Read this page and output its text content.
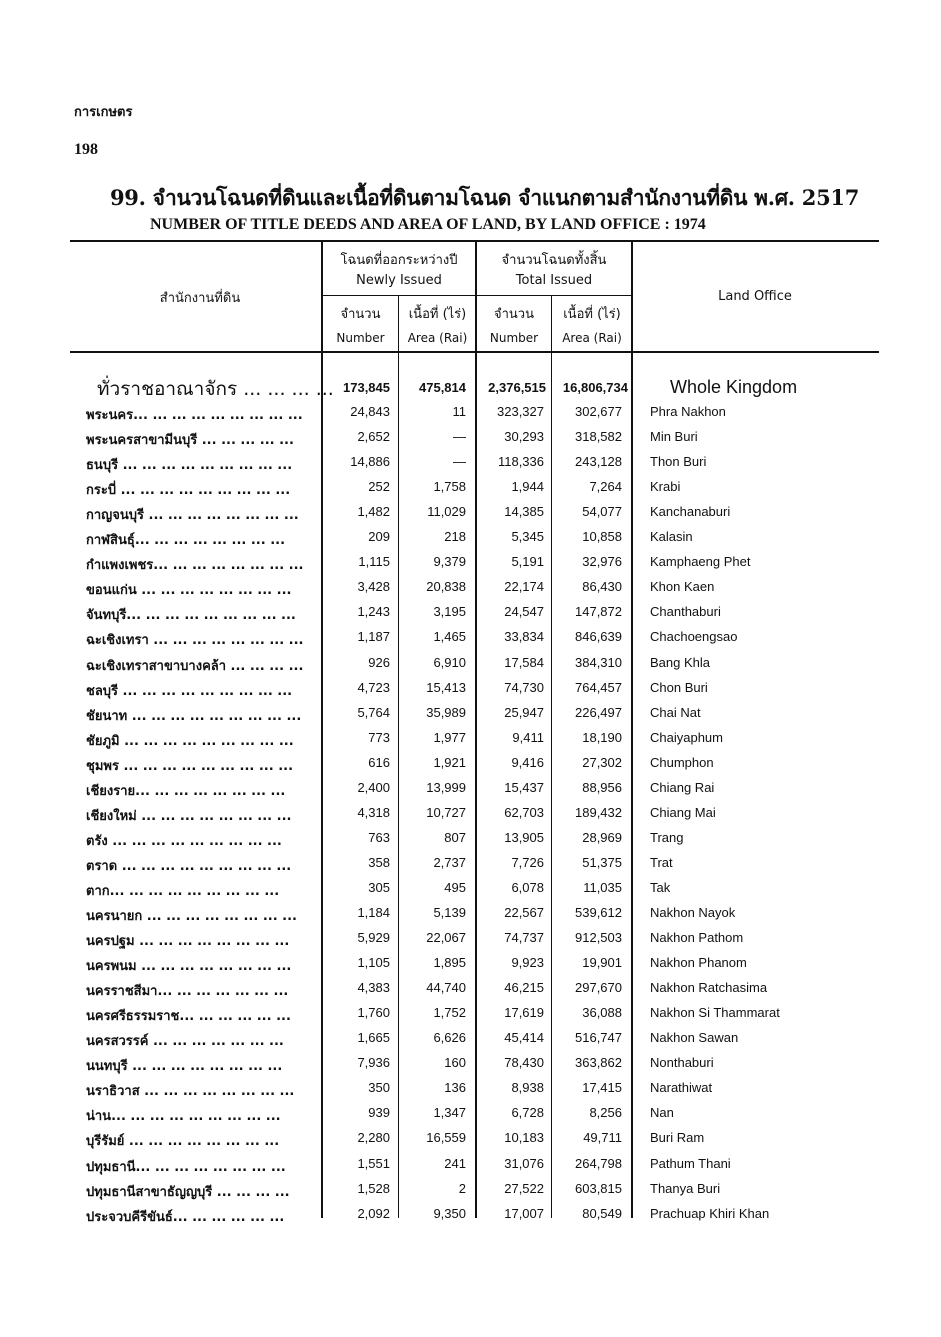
การเกษตร
198
99. จำนวนโฉนดที่ดินและเนื้อที่ดินตามโฉนด จำแนกตามสำนักงานที่ดิน พ.ศ. 2517
NUMBER OF TITLE DEEDS AND AREA OF LAND, BY LAND OFFICE : 1974
สำนักงานที่ดิน	Land Office
โฉนดที่ออกระหว่างปี
Newly Issued
จำนวนโฉนดทั้งสิ้น
Total Issued
จำนวน
Number
เนื้อที่ (ไร่)
Area (Rai)
จำนวน
Number
เนื้อที่ (ไร่)
Area (Rai)
ทั่วราชอาณาจักร ... ... ... ... 173,845	475,814	2,376,515	16,806,734 Whole Kingdom
พระนคร... ... ... ... ... ... ... ... ...	24,843	11	323,327	302,677 Phra Nakhon
พระนครสาขามีนบุรี ... ... ... ... ...	2,652	—	30,293	318,582 Min Buri
ธนบุรี ... ... ... ... ... ... ... ... ...	14,886	—	118,336	243,128 Thon Buri
กระบี่ ... ... ... ... ... ... ... ... ...	252	1,758	1,944	7,264 Krabi
กาญจนบุรี ... ... ... ... ... ... ... ...	1,482	11,029	14,385	54,077 Kanchanaburi
กาฬสินธุ์... ... ... ... ... ... ... ...	209	218	5,345	10,858 Kalasin
กำแพงเพชร... ... ... ... ... ... ... ...	1,115	9,379	5,191	32,976 Kamphaeng Phet
ขอนแก่น ... ... ... ... ... ... ... ...	3,428	20,838	22,174	86,430 Khon Kaen
จันทบุรี... ... ... ... ... ... ... ... ...	1,243	3,195	24,547	147,872 Chanthaburi
ฉะเชิงเทรา ... ... ... ... ... ... ... ...	1,187	1,465	33,834	846,639 Chachoengsao
ฉะเชิงเทราสาขาบางคล้า ... ... ... ...	926	6,910	17,584	384,310 Bang Khla
ชลบุรี ... ... ... ... ... ... ... ... ...	4,723	15,413	74,730	764,457 Chon Buri
ชัยนาท ... ... ... ... ... ... ... ... ...	5,764	35,989	25,947	226,497 Chai Nat
ชัยภูมิ ... ... ... ... ... ... ... ... ...	773	1,977	9,411	18,190 Chaiyaphum
ชุมพร ... ... ... ... ... ... ... ... ...	616	1,921	9,416	27,302 Chumphon
เชียงราย... ... ... ... ... ... ... ...	2,400	13,999	15,437	88,956 Chiang Rai
เชียงใหม่ ... ... ... ... ... ... ... ...	4,318	10,727	62,703	189,432 Chiang Mai
ตรัง ... ... ... ... ... ... ... ... ...	763	807	13,905	28,969 Trang
ตราด ... ... ... ... ... ... ... ... ...	358	2,737	7,726	51,375 Trat
ตาก... ... ... ... ... ... ... ... ...	305	495	6,078	11,035 Tak
นครนายก ... ... ... ... ... ... ... ...	1,184	5,139	22,567	539,612 Nakhon Nayok
นครปฐม ... ... ... ... ... ... ... ...	5,929	22,067	74,737	912,503 Nakhon Pathom
นครพนม ... ... ... ... ... ... ... ...	1,105	1,895	9,923	19,901 Nakhon Phanom
นครราชสีมา... ... ... ... ... ... ...	4,383	44,740	46,215	297,670 Nakhon Ratchasima
นครศรีธรรมราช... ... ... ... ... ...	1,760	1,752	17,619	36,088 Nakhon Si Thammarat
นครสวรรค์ ... ... ... ... ... ... ...	1,665	6,626	45,414	516,747 Nakhon Sawan
นนทบุรี ... ... ... ... ... ... ... ...	7,936	160	78,430	363,862 Nonthaburi
นราธิวาส ... ... ... ... ... ... ... ...	350	136	8,938	17,415 Narathiwat
น่าน... ... ... ... ... ... ... ... ...	939	1,347	6,728	8,256 Nan
บุรีรัมย์ ... ... ... ... ... ... ... ...	2,280	16,559	10,183	49,711 Buri Ram
ปทุมธานี... ... ... ... ... ... ... ...	1,551	241	31,076	264,798 Pathum Thani
ปทุมธานีสาขาธัญญบุรี ... ... ... ...	1,528	2	27,522	603,815 Thanya Buri
ประจวบคีรีขันธ์... ... ... ... ... ...	2,092	9,350	17,007	80,549 Prachuap Khiri Khan
